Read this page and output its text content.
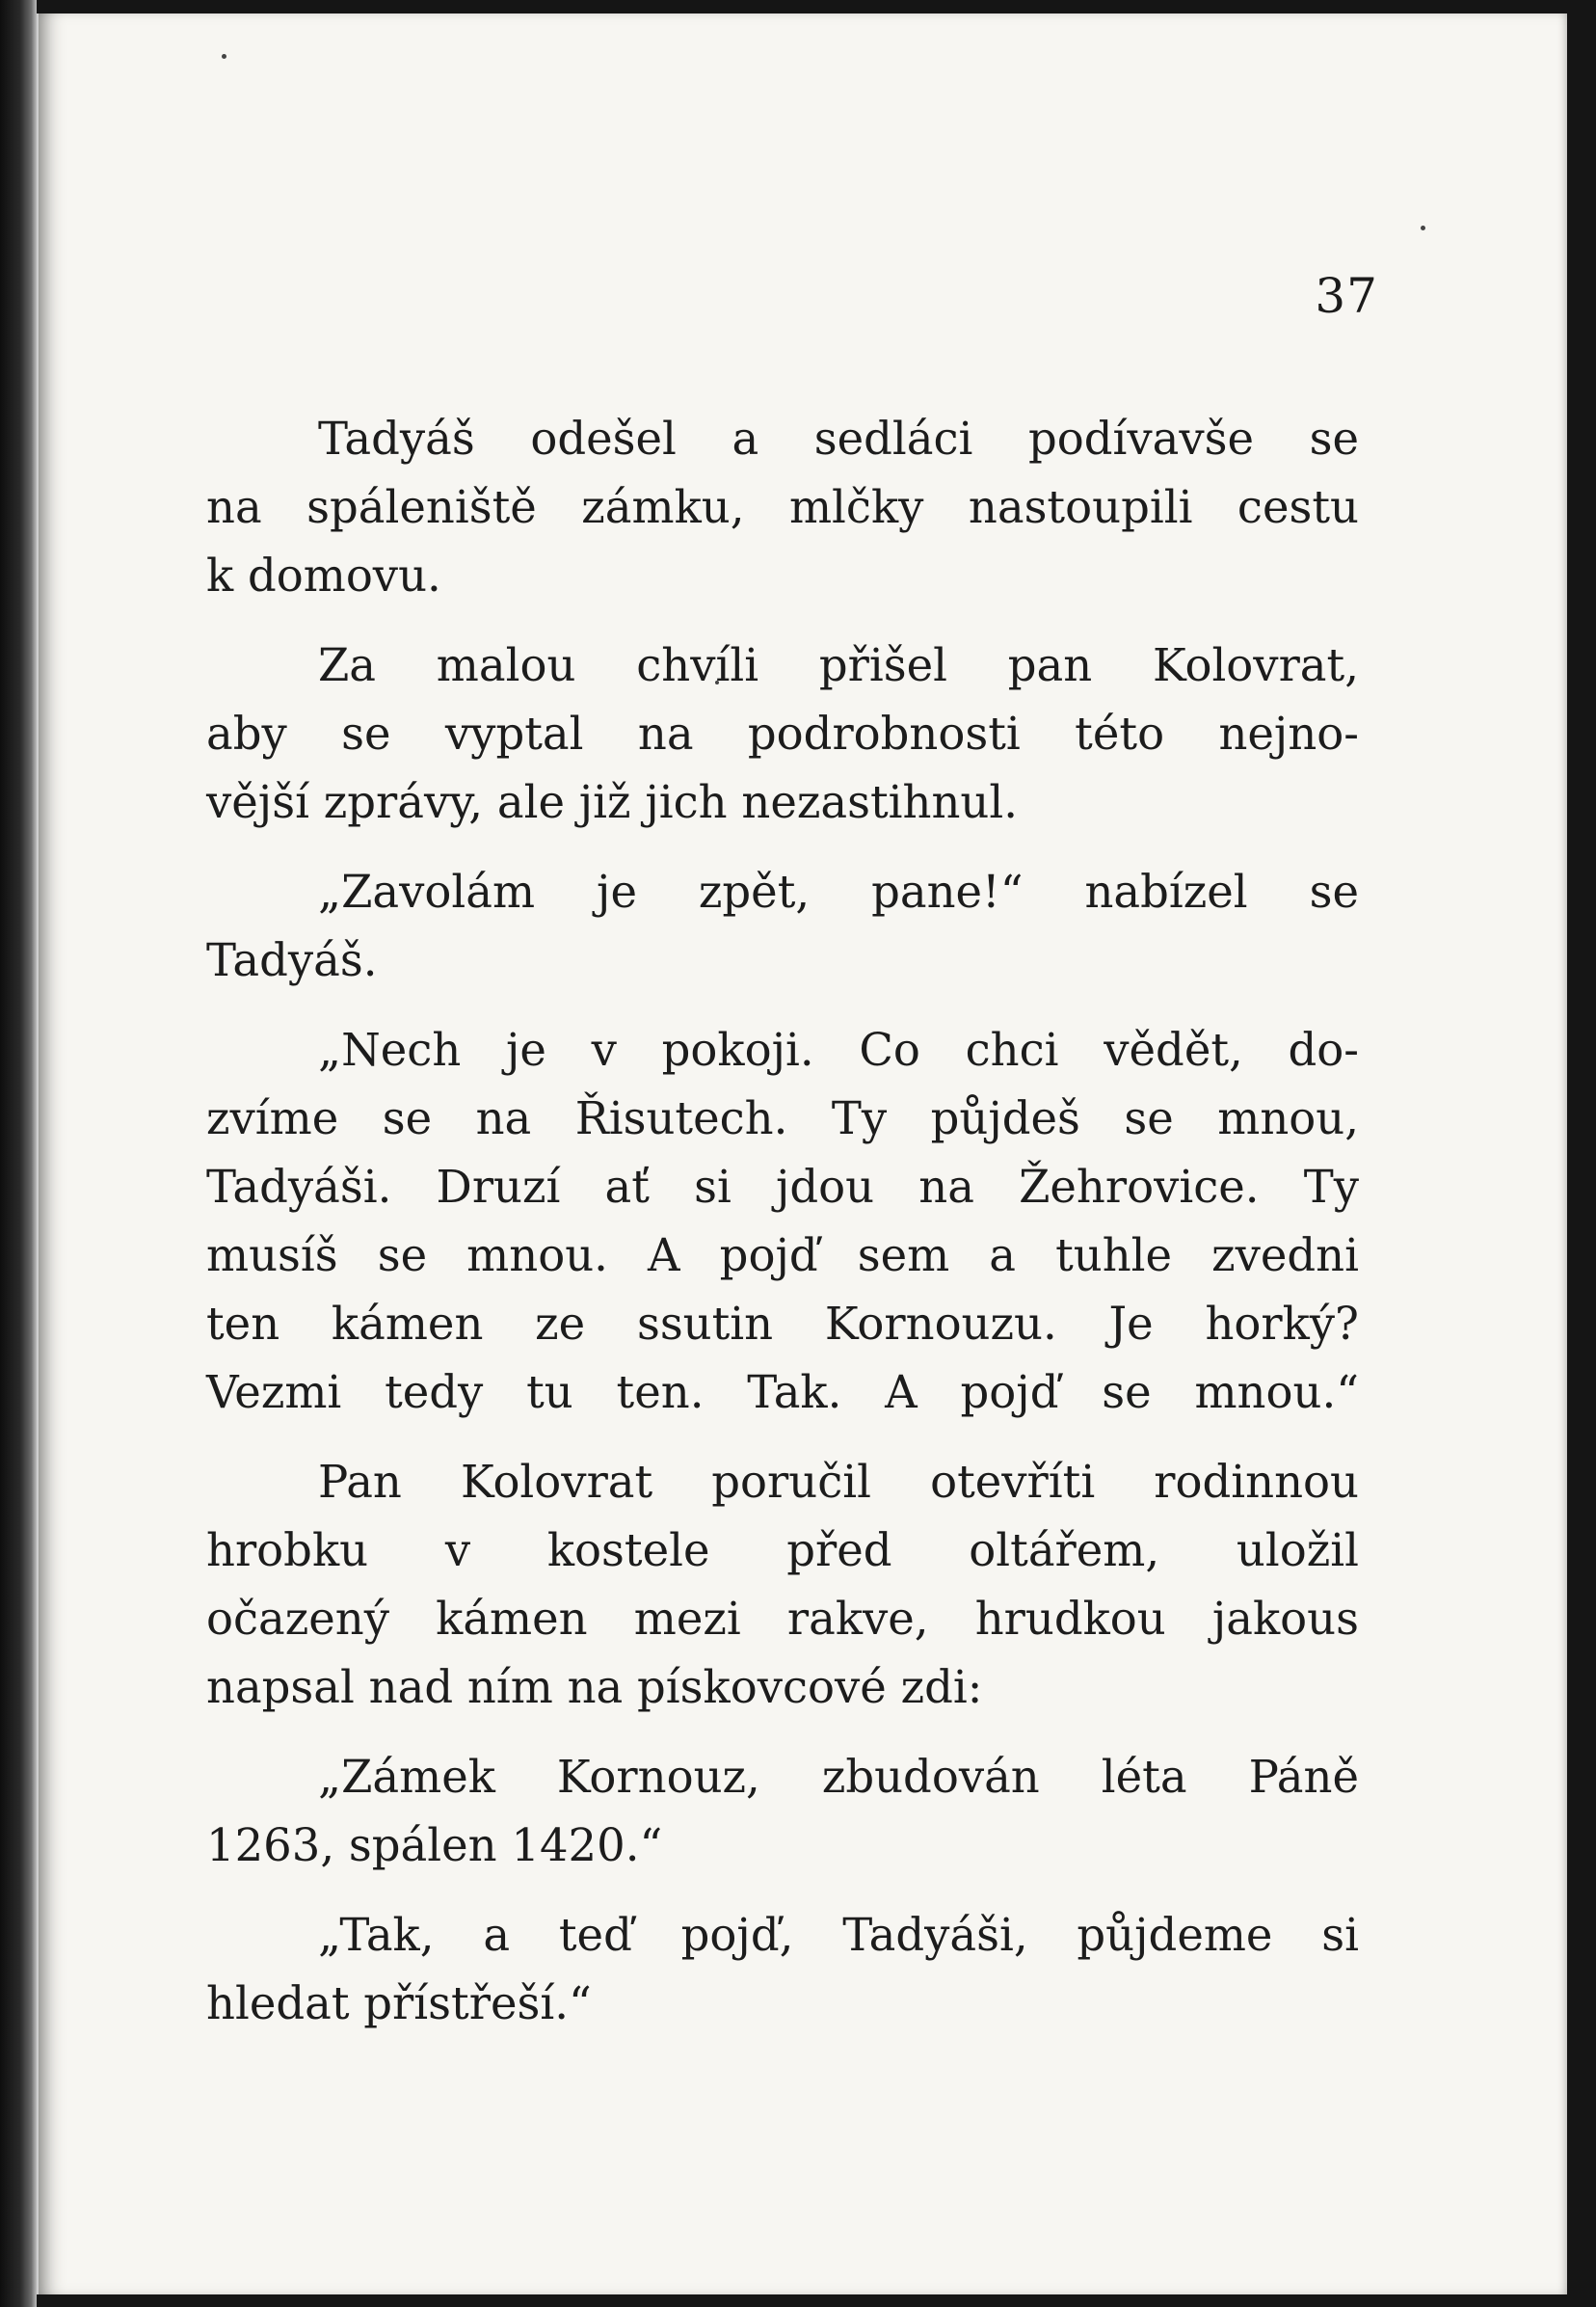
37

Tadyáš odešel a sedláci podívavše se
na spáleniště zámku, mlčky nastoupili cestu
k domovu.

Za malou chvíli přišel pan Kolovrat,
aby se vyptal na podrobnosti této nejno-
vější zprávy, ale již jich nezastihnul.

„Zavolám je zpět, pane!“ nabízel se
Tadyáš.

„Nech je v pokoji. Co chci vědět, do-
zvíme se na Řisutech. Ty půjdeš se mnou,
Tadyáši. Druzí ať si jdou na Žehrovice. Ty
musíš se mnou. A pojď sem a tuhle zvedni
ten kámen ze ssutin Kornouzu. Je horký?
Vezmi tedy tu ten. Tak. A pojď se mnou.“

Pan Kolovrat poručil otevříti rodinnou
hrobku v kostele před oltářem, uložil
očazený kámen mezi rakve, hrudkou jakous
napsal nad ním na pískovcové zdi:

„Zámek Kornouz, zbudován léta Páně
1263, spálen 1420.“

„Tak, a teď pojď, Tadyáši, půjdeme si
hledat přístřeší.“
